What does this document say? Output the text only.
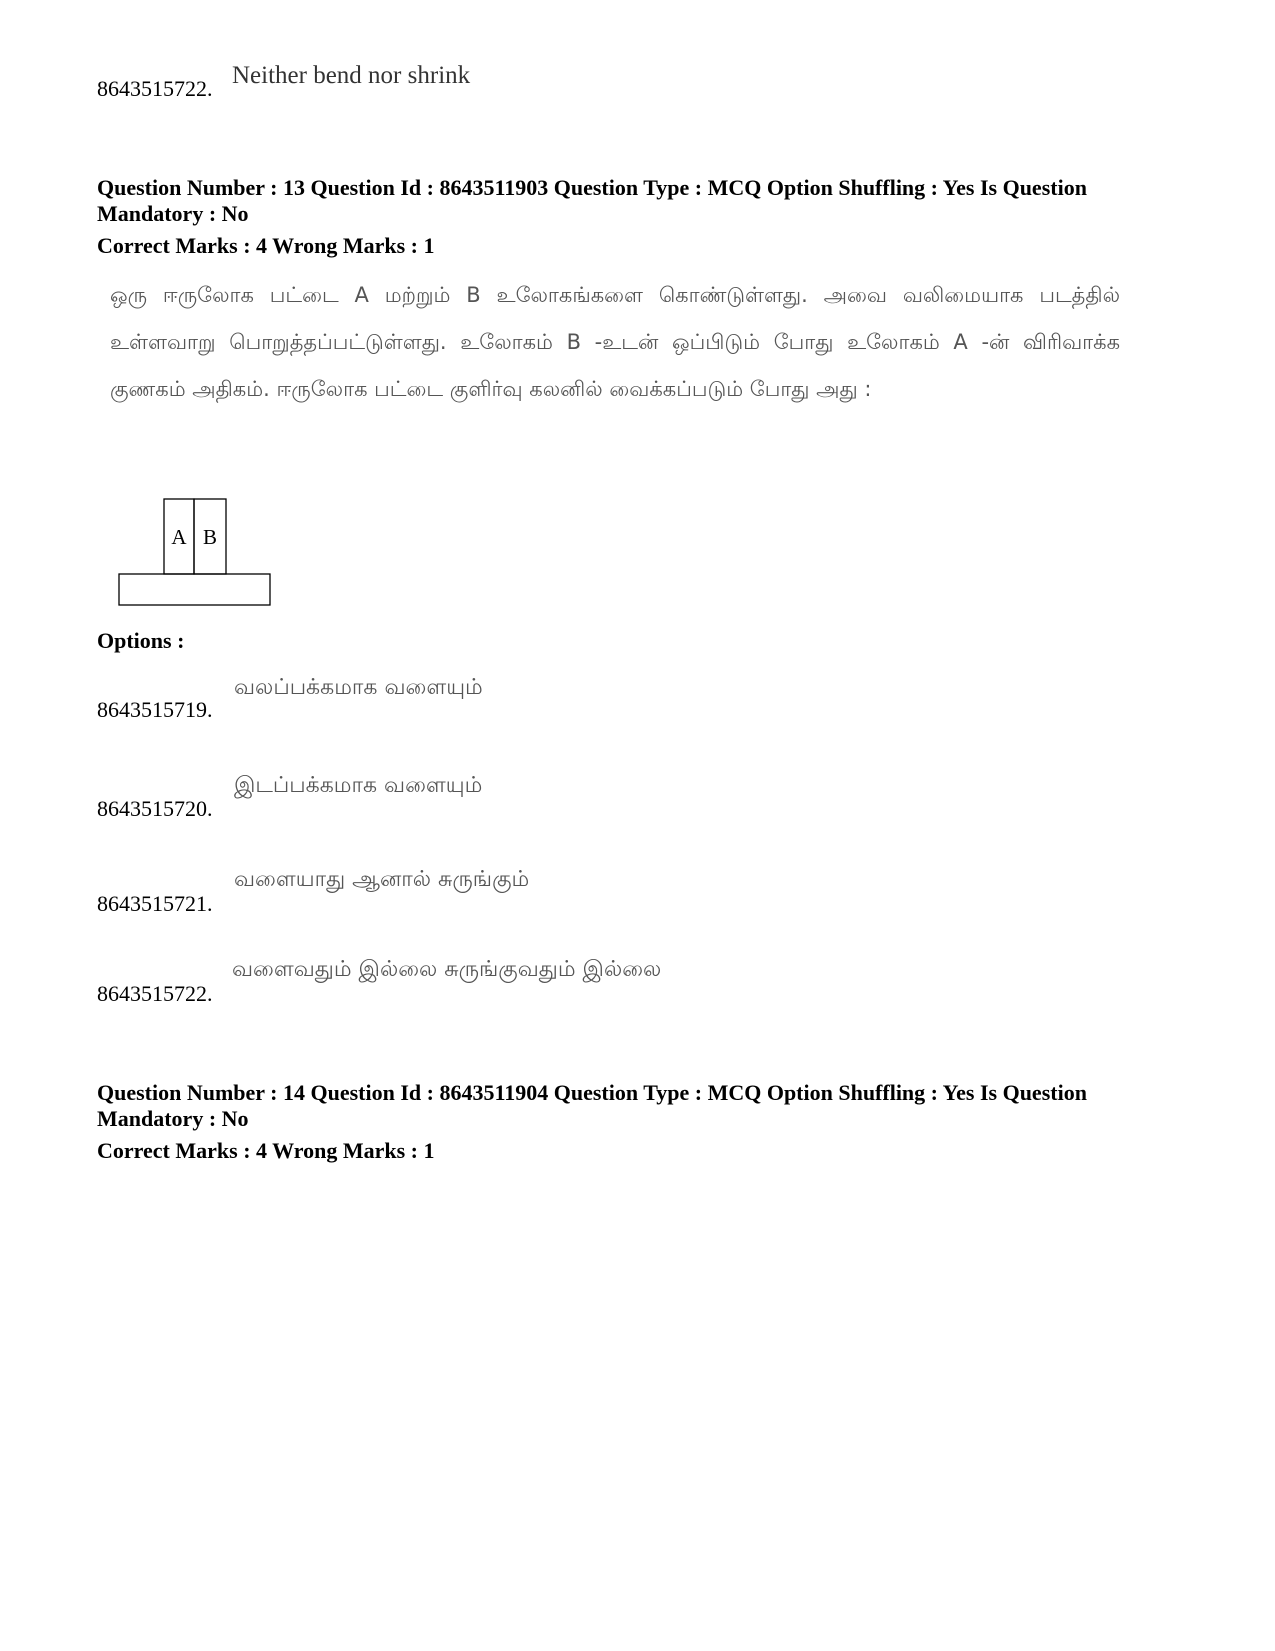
8643515722. Neither bend nor shrink
Question Number : 13 Question Id : 8643511903 Question Type : MCQ Option Shuffling : Yes Is Question Mandatory : No
Correct Marks : 4 Wrong Marks : 1
ஒரு ஈருலோக பட்டை A மற்றும் B உலோகங்களை கொண்டுள்ளது. அவை வலிமையாக படத்தில் உள்ளவாறு பொறுத்தப்பட்டுள்ளது. உலோகம் B -உடன் ஒப்பிடும் போது உலோகம் A -ன் விரிவாக்க குணகம் அதிகம். ஈருலோக பட்டை குளிர்வு கலனில் வைக்கப்படும் போது அது :
A B
Options :
8643515719.
வலப்பக்கமாக வளையும்
8643515720.
இடப்பக்கமாக வளையும்
8643515721.
வளையாது ஆனால் சுருங்கும்
8643515722.
வளைவதும் இல்லை சுருங்குவதும் இல்லை
Question Number : 14 Question Id : 8643511904 Question Type : MCQ Option Shuffling : Yes Is Question Mandatory : No
Correct Marks : 4 Wrong Marks : 1
